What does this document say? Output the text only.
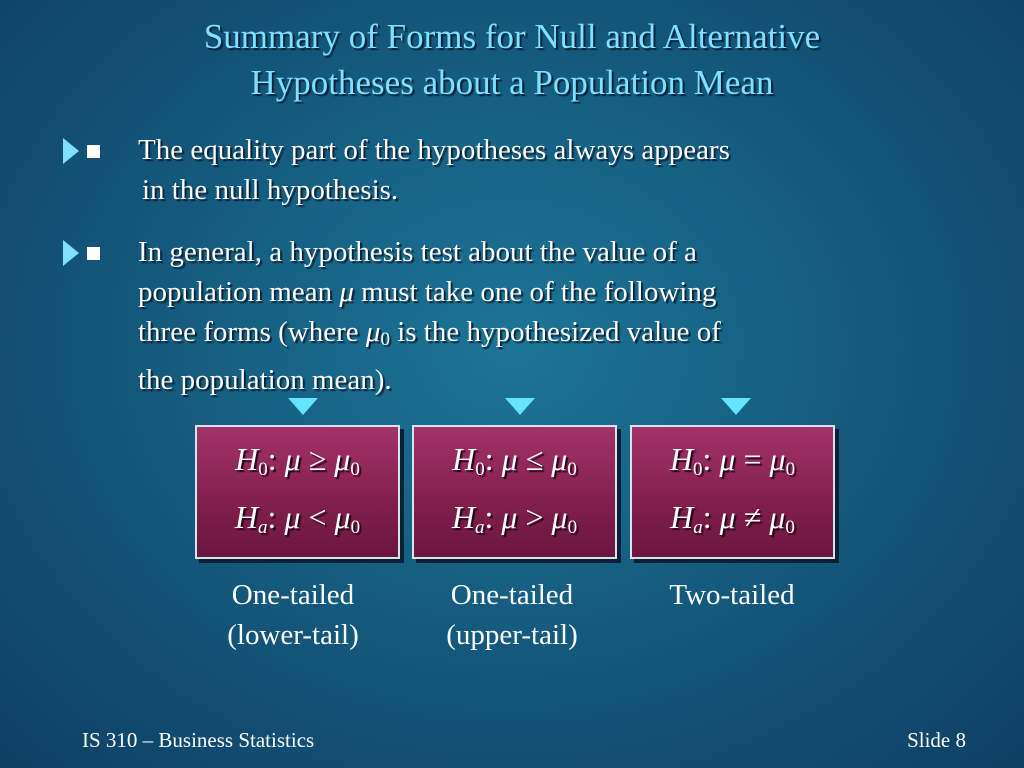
Summary of Forms for Null and Alternative
Hypotheses about a Population Mean
The equality part of the hypotheses always appears
in the null hypothesis.
In general, a hypothesis test about the value of a
population mean μ must take one of the following
three forms (where μ0 is the hypothesized value of
the population mean).
$H_0$: $\mu \ge \mu_0$
$H_a$: $\mu < \mu_0$
$H_0$: $\mu \le \mu_0$
$H_a$: $\mu > \mu_0$
$H_0$: $\mu = \mu_0$
$H_a$: $\mu \ne \mu_0$
One-tailed
(lower-tail)
One-tailed
(upper-tail)
Two-tailed
IS 310 – Business Statistics	Slide 8
